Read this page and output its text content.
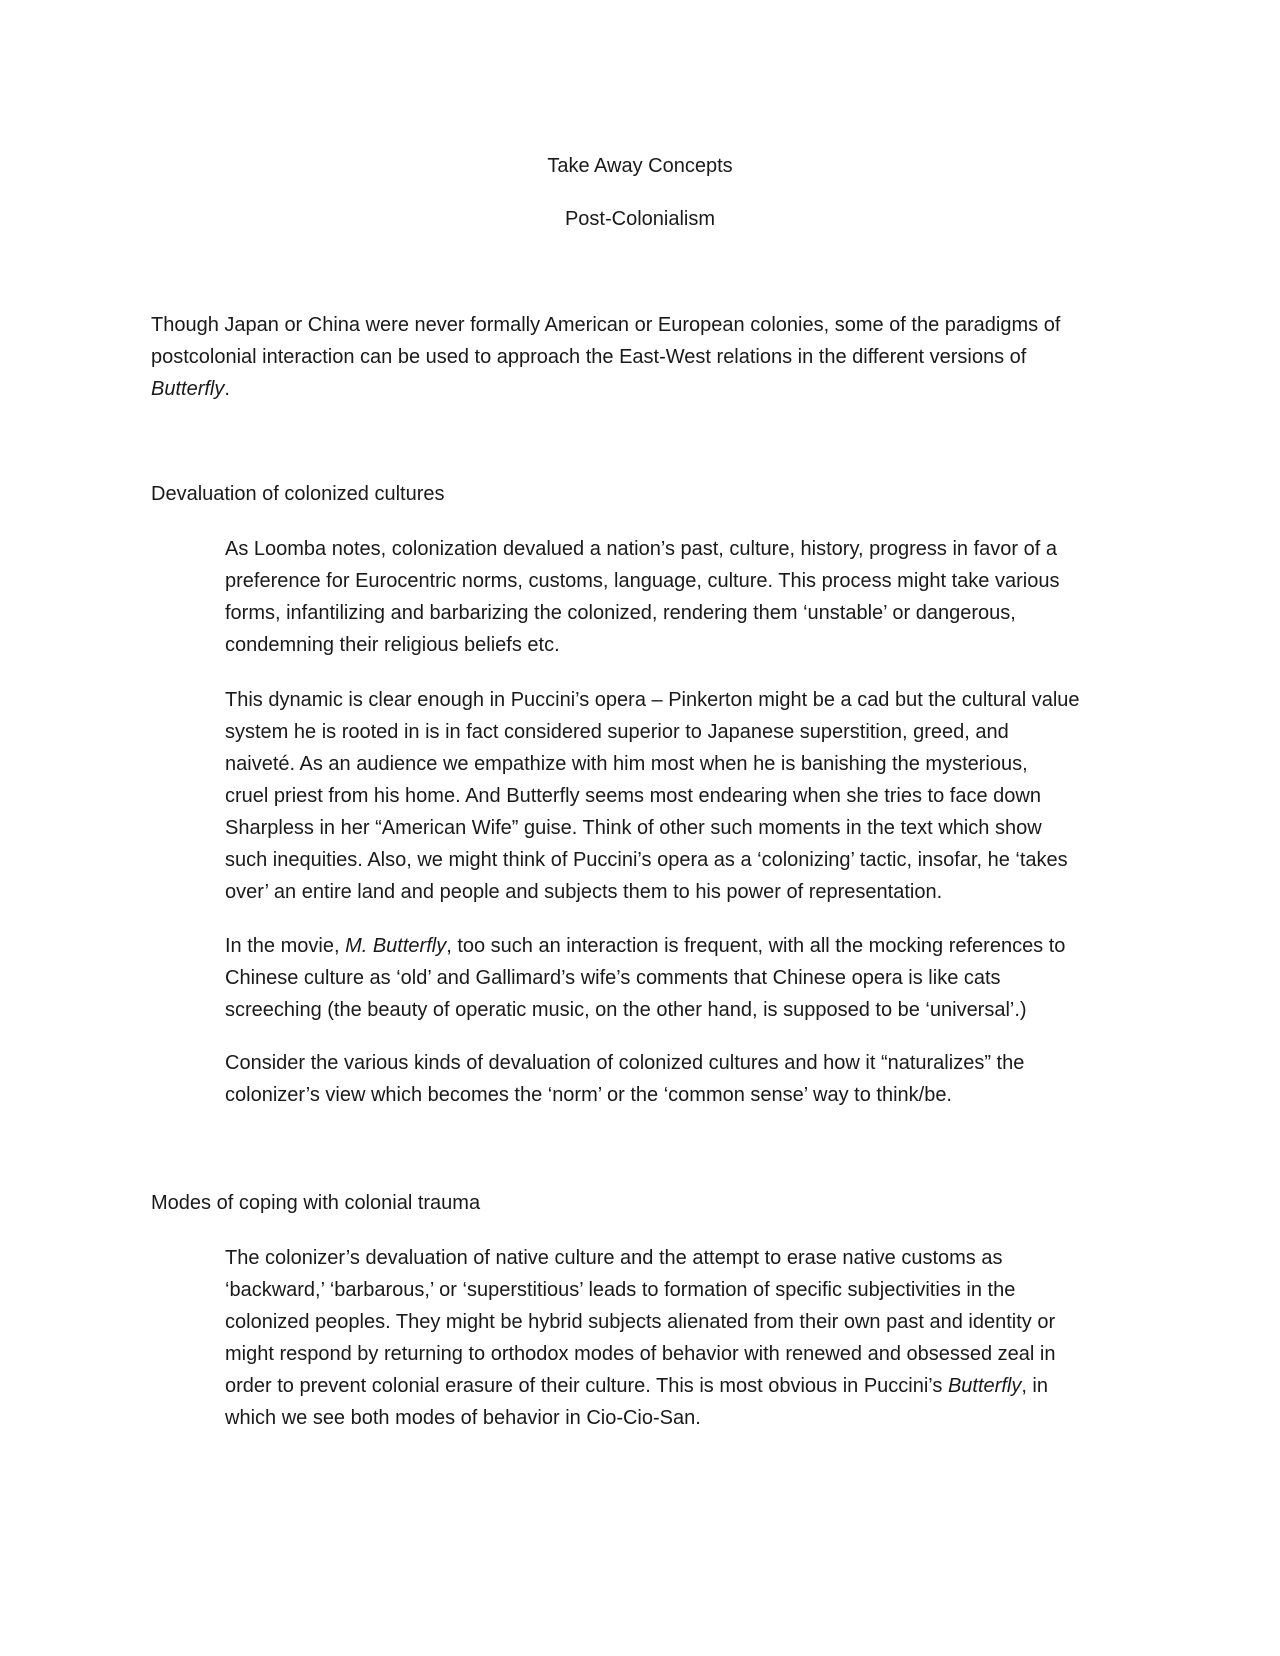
Take Away Concepts
Post-Colonialism

Though Japan or China were never formally American or European colonies, some of the paradigms of
postcolonial interaction can be used to approach the East-West relations in the different versions of
Butterfly.

Devaluation of colonized cultures

As Loomba notes, colonization devalued a nation’s past, culture, history, progress in favor of a
preference for Eurocentric norms, customs, language, culture. This process might take various
forms, infantilizing and barbarizing the colonized, rendering them ‘unstable’ or dangerous,
condemning their religious beliefs etc.

This dynamic is clear enough in Puccini’s opera – Pinkerton might be a cad but the cultural value
system he is rooted in is in fact considered superior to Japanese superstition, greed, and
naiveté. As an audience we empathize with him most when he is banishing the mysterious,
cruel priest from his home. And Butterfly seems most endearing when she tries to face down
Sharpless in her “American Wife” guise. Think of other such moments in the text which show
such inequities. Also, we might think of Puccini’s opera as a ‘colonizing’ tactic, insofar, he ‘takes
over’ an entire land and people and subjects them to his power of representation.

In the movie, M. Butterfly, too such an interaction is frequent, with all the mocking references to
Chinese culture as ‘old’ and Gallimard’s wife’s comments that Chinese opera is like cats
screeching (the beauty of operatic music, on the other hand, is supposed to be ‘universal’.)

Consider the various kinds of devaluation of colonized cultures and how it “naturalizes” the
colonizer’s view which becomes the ‘norm’ or the ‘common sense’ way to think/be.

Modes of coping with colonial trauma

The colonizer’s devaluation of native culture and the attempt to erase native customs as
‘backward,’ ‘barbarous,’ or ‘superstitious’ leads to formation of specific subjectivities in the
colonized peoples. They might be hybrid subjects alienated from their own past and identity or
might respond by returning to orthodox modes of behavior with renewed and obsessed zeal in
order to prevent colonial erasure of their culture. This is most obvious in Puccini’s Butterfly, in
which we see both modes of behavior in Cio-Cio-San.
